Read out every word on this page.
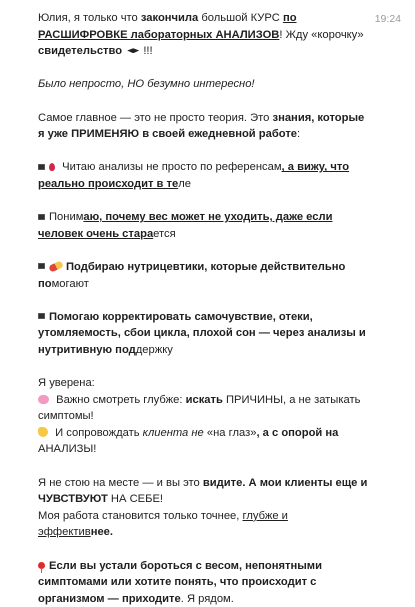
19:24

Юлия, я только что закончила большой КУРС по
РАСШИФРОВКЕ лабораторных АНАЛИЗОВ! Жду «корочку»
свидетельство  !!!

Было непросто, НО безумно интересно!

Самое главное — это не просто теория. Это знания, которые
я уже ПРИМЕНЯЮ в своей ежедневной работе:

Читаю анализы не просто по референсам, а вижу, что
реально происходит в теле

Понимаю, почему вес может не уходить, даже если
человек очень старается

Подбираю нутрицевтики, которые действительно
помогают

Помогаю корректировать самочувствие, отеки,
утомляемость, сбои цикла, плохой сон — через анализы и
нутритивную поддержку

Я уверена:
Важно смотреть глубже: искать ПРИЧИНЫ, а не затыкать
симптомы!
И сопровождать клиента не «на глаз», а с опорой на
АНАЛИЗЫ!

Я не стою на месте — и вы это видите. А мои клиенты еще и
ЧУВСТВУЮТ НА СЕБЕ!
Моя работа становится только точнее, глубже и
эффективнее.

Если вы устали бороться с весом, непонятными
симптомами или хотите понять, что происходит с
организмом — приходите. Я рядом.
